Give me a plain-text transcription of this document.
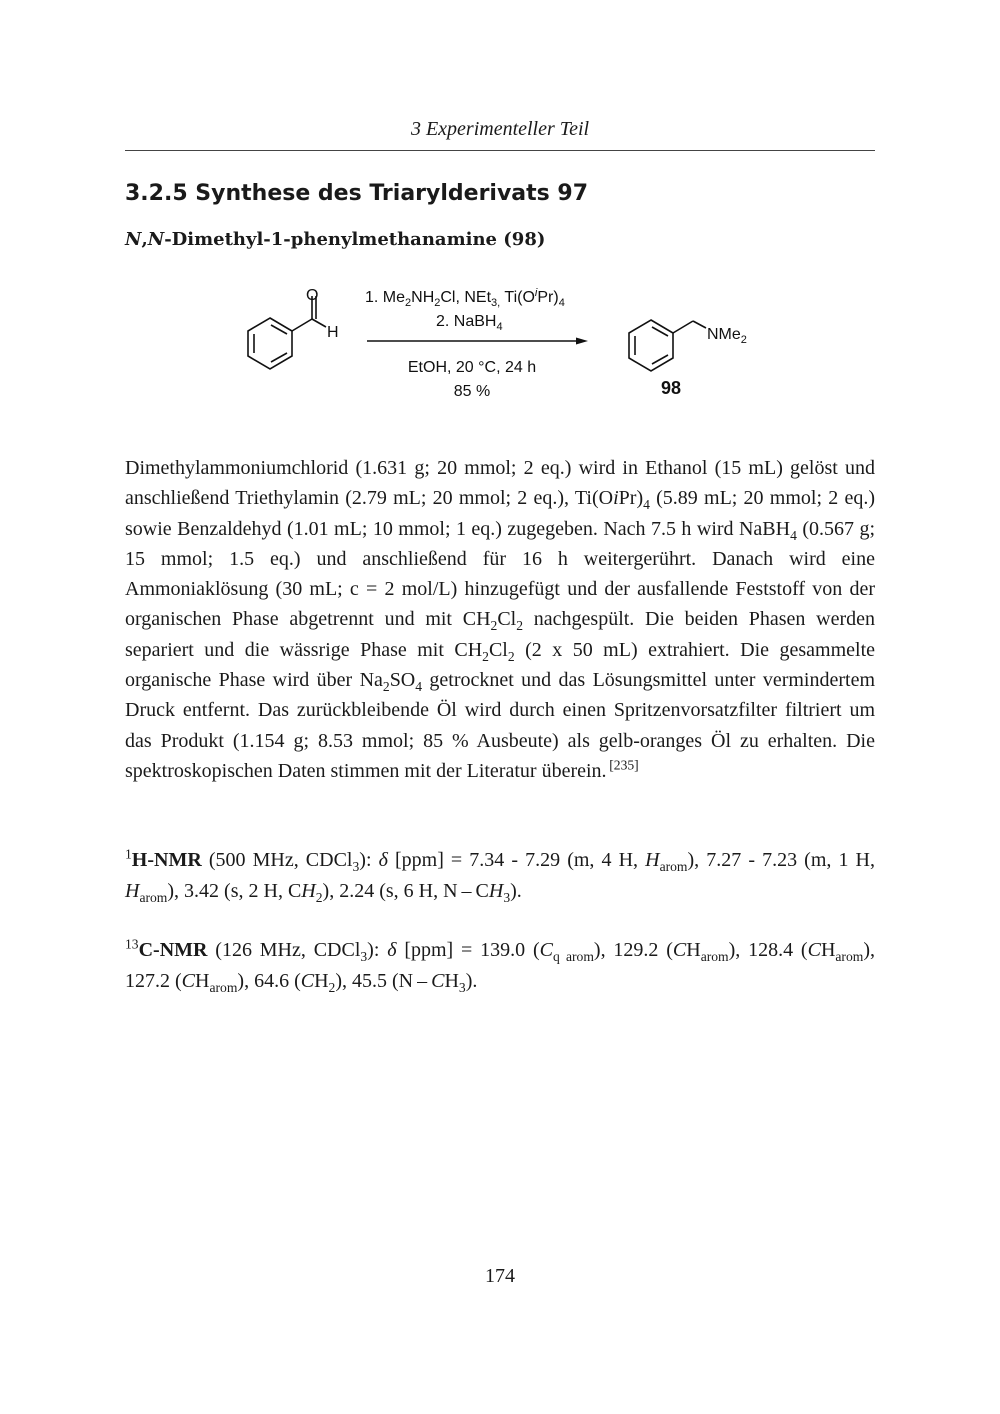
3 Experimenteller Teil
3.2.5 Synthese des Triarylderivats 97
N,N-Dimethyl-1-phenylmethanamine (98)
O
H
1. $Me_2NH_2Cl$, NEt$_{3,}$ $Ti(O^iPr)_4$
2. NaBH$_4$
EtOH, 20 °C, 24 h
85 %
NMe$_2$
98
Dimethylammoniumchlorid (1.631 g; 20 mmol; 2 eq.) wird in Ethanol (15 mL) gelöst und anschließend Triethylamin (2.79 mL; 20 mmol; 2 eq.), $Ti(OiPr)_4$ (5.89 mL; 20 mmol; 2 eq.) sowie Benzaldehyd (1.01 mL; 10 mmol; 1 eq.) zugegeben. Nach 7.5 h wird NaBH$_4$ (0.567 g; 15 mmol; 1.5 eq.) und anschließend für 16 h weitergerührt. Danach wird eine Ammoniaklösung (30 mL; c = 2 mol/L) hinzugefügt und der ausfallende Feststoff von der organischen Phase abgetrennt und mit $CH_2Cl_2$ nachgespült. Die beiden Phasen werden separiert und die wässrige Phase mit $CH_2Cl_2$ (2 x 50 mL) extrahiert. Die gesammelte organische Phase wird über $Na_2SO_4$ getrocknet und das Lösungsmittel unter vermindertem Druck entfernt. Das zurückbleibende Öl wird durch einen Spritzenvorsatzfilter filtriert um das Produkt (1.154 g; 8.53 mmol; 85 % Ausbeute) als gelb-oranges Öl zu erhalten. Die spektroskopischen Daten stimmen mit der Literatur überein. [235]
$^1$H-NMR (500 MHz, CDCl$_3$): δ [ppm] = 7.34 - 7.29 (m, 4 H, $H_{arom}$), 7.27 - 7.23 (m, 1 H, $H_{arom}$), 3.42 (s, 2 H, $CH_2$), 2.24 (s, 6 H, N – $CH_3$).
$^{13}$C-NMR (126 MHz, CDCl$_3$): δ [ppm] = 139.0 $(C_{q arom})$, 129.2 $(CH_{arom})$, 128.4 $(CH_{arom})$, 127.2 $(CH_{arom})$, 64.6 $(CH_2)$, 45.5 $(N - CH_3)$.
174
